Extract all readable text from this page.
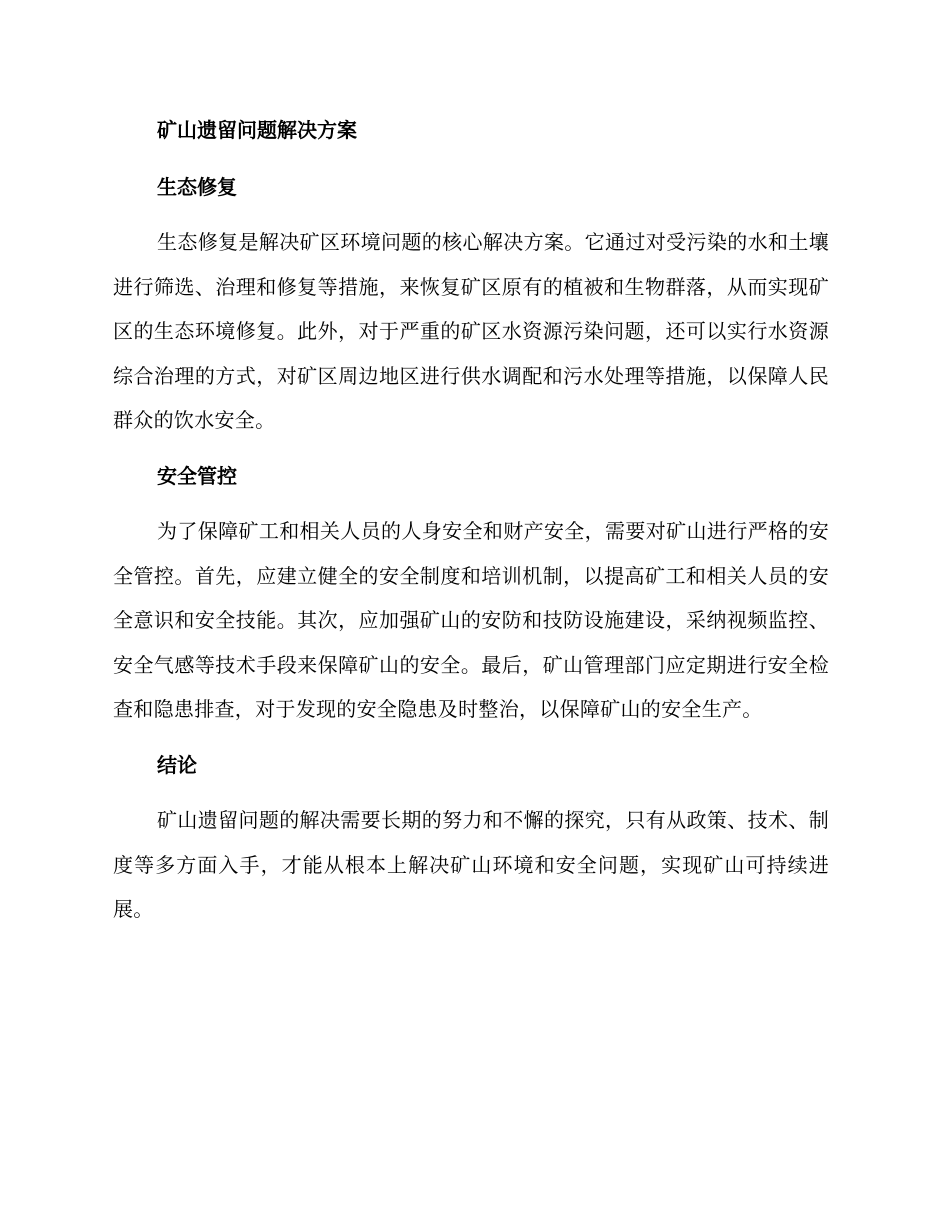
矿山遗留问题解决方案
生态修复

生态修复是解决矿区环境问题的核心解决方案。它通过对受污染的水和土壤进行筛选、治理和修复等措施，来恢复矿区原有的植被和生物群落，从而实现矿区的生态环境修复。此外，对于严重的矿区水资源污染问题，还可以实行水资源综合治理的方式，对矿区周边地区进行供水调配和污水处理等措施，以保障人民群众的饮水安全。

安全管控

为了保障矿工和相关人员的人身安全和财产安全，需要对矿山进行严格的安全管控。首先，应建立健全的安全制度和培训机制，以提高矿工和相关人员的安全意识和安全技能。其次，应加强矿山的安防和技防设施建设，采纳视频监控、安全气感等技术手段来保障矿山的安全。最后，矿山管理部门应定期进行安全检查和隐患排查，对于发现的安全隐患及时整治，以保障矿山的安全生产。

结论

矿山遗留问题的解决需要长期的努力和不懈的探究，只有从政策、技术、制度等多方面入手，才能从根本上解决矿山环境和安全问题，实现矿山可持续进展。
